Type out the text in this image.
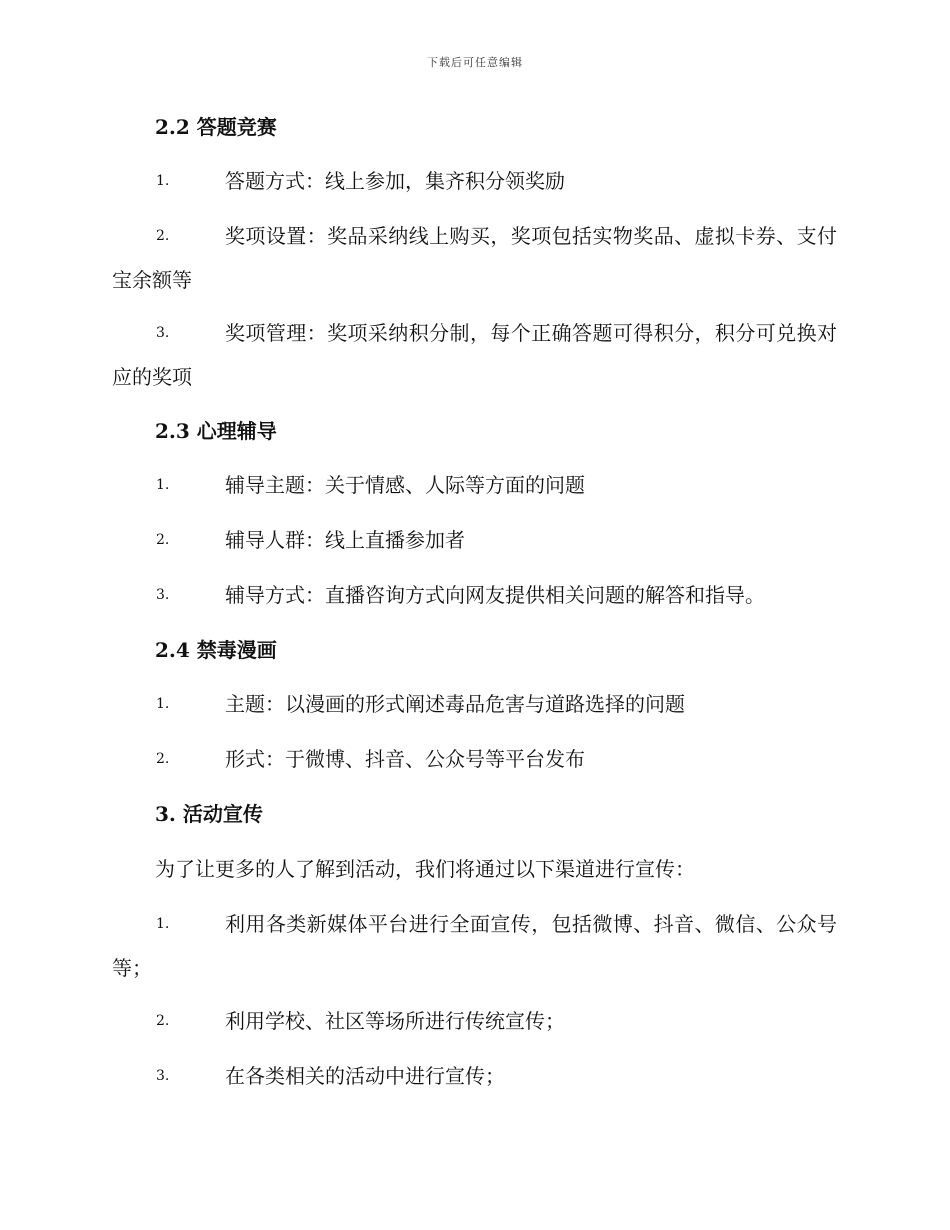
下载后可任意编辑
2.2 答题竞赛
1.	答题方式：线上参加，集齐积分领奖励
2.	奖项设置：奖品采纳线上购买，奖项包括实物奖品、虚拟卡券、支付宝余额等
3.	奖项管理：奖项采纳积分制，每个正确答题可得积分，积分可兑换对应的奖项
2.3 心理辅导
1.	辅导主题：关于情感、人际等方面的问题
2.	辅导人群：线上直播参加者
3.	辅导方式：直播咨询方式向网友提供相关问题的解答和指导。
2.4 禁毒漫画
1.	主题：以漫画的形式阐述毒品危害与道路选择的问题
2.	形式：于微博、抖音、公众号等平台发布
3. 活动宣传
为了让更多的人了解到活动，我们将通过以下渠道进行宣传：
1.	利用各类新媒体平台进行全面宣传，包括微博、抖音、微信、公众号等；
2.	利用学校、社区等场所进行传统宣传；
3.	在各类相关的活动中进行宣传；
